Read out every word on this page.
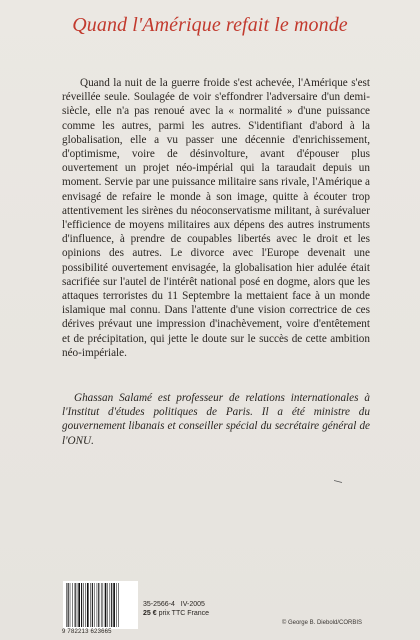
Quand l'Amérique refait le monde

Quand la nuit de la guerre froide s'est achevée, l'Amérique s'est réveillée seule. Soulagée de voir s'effondrer l'adversaire d'un demi-siècle, elle n'a pas renoué avec la « normalité » d'une puissance comme les autres, parmi les autres. S'identifiant d'abord à la globalisation, elle a vu passer une décennie d'enrichissement, d'optimisme, voire de désinvolture, avant d'épouser plus ouvertement un projet néo-impérial qui la taraudait depuis un moment. Servie par une puissance militaire sans rivale, l'Amérique a envisagé de refaire le monde à son image, quitte à écouter trop attentivement les sirènes du néoconservatisme militant, à surévaluer l'efficience de moyens militaires aux dépens des autres instruments d'influence, à prendre de coupables libertés avec le droit et les opinions des autres. Le divorce avec l'Europe devenait une possibilité ouvertement envisagée, la globalisation hier adulée était sacrifiée sur l'autel de l'intérêt national posé en dogme, alors que les attaques terroristes du 11 Septembre la mettaient face à un monde islamique mal connu. Dans l'attente d'une vision correctrice de ces dérives prévaut une impression d'inachèvement, voire d'entêtement et de précipitation, qui jette le doute sur le succès de cette ambition néo-impériale.

Ghassan Salamé est professeur de relations internationales à l'Institut d'études politiques de Paris. Il a été ministre du gouvernement libanais et conseiller spécial du secrétaire général de l'ONU.

9 782213 623665
35-2566-4 IV-2005
25 € prix TTC France
© George B. Diebold/CORBIS
